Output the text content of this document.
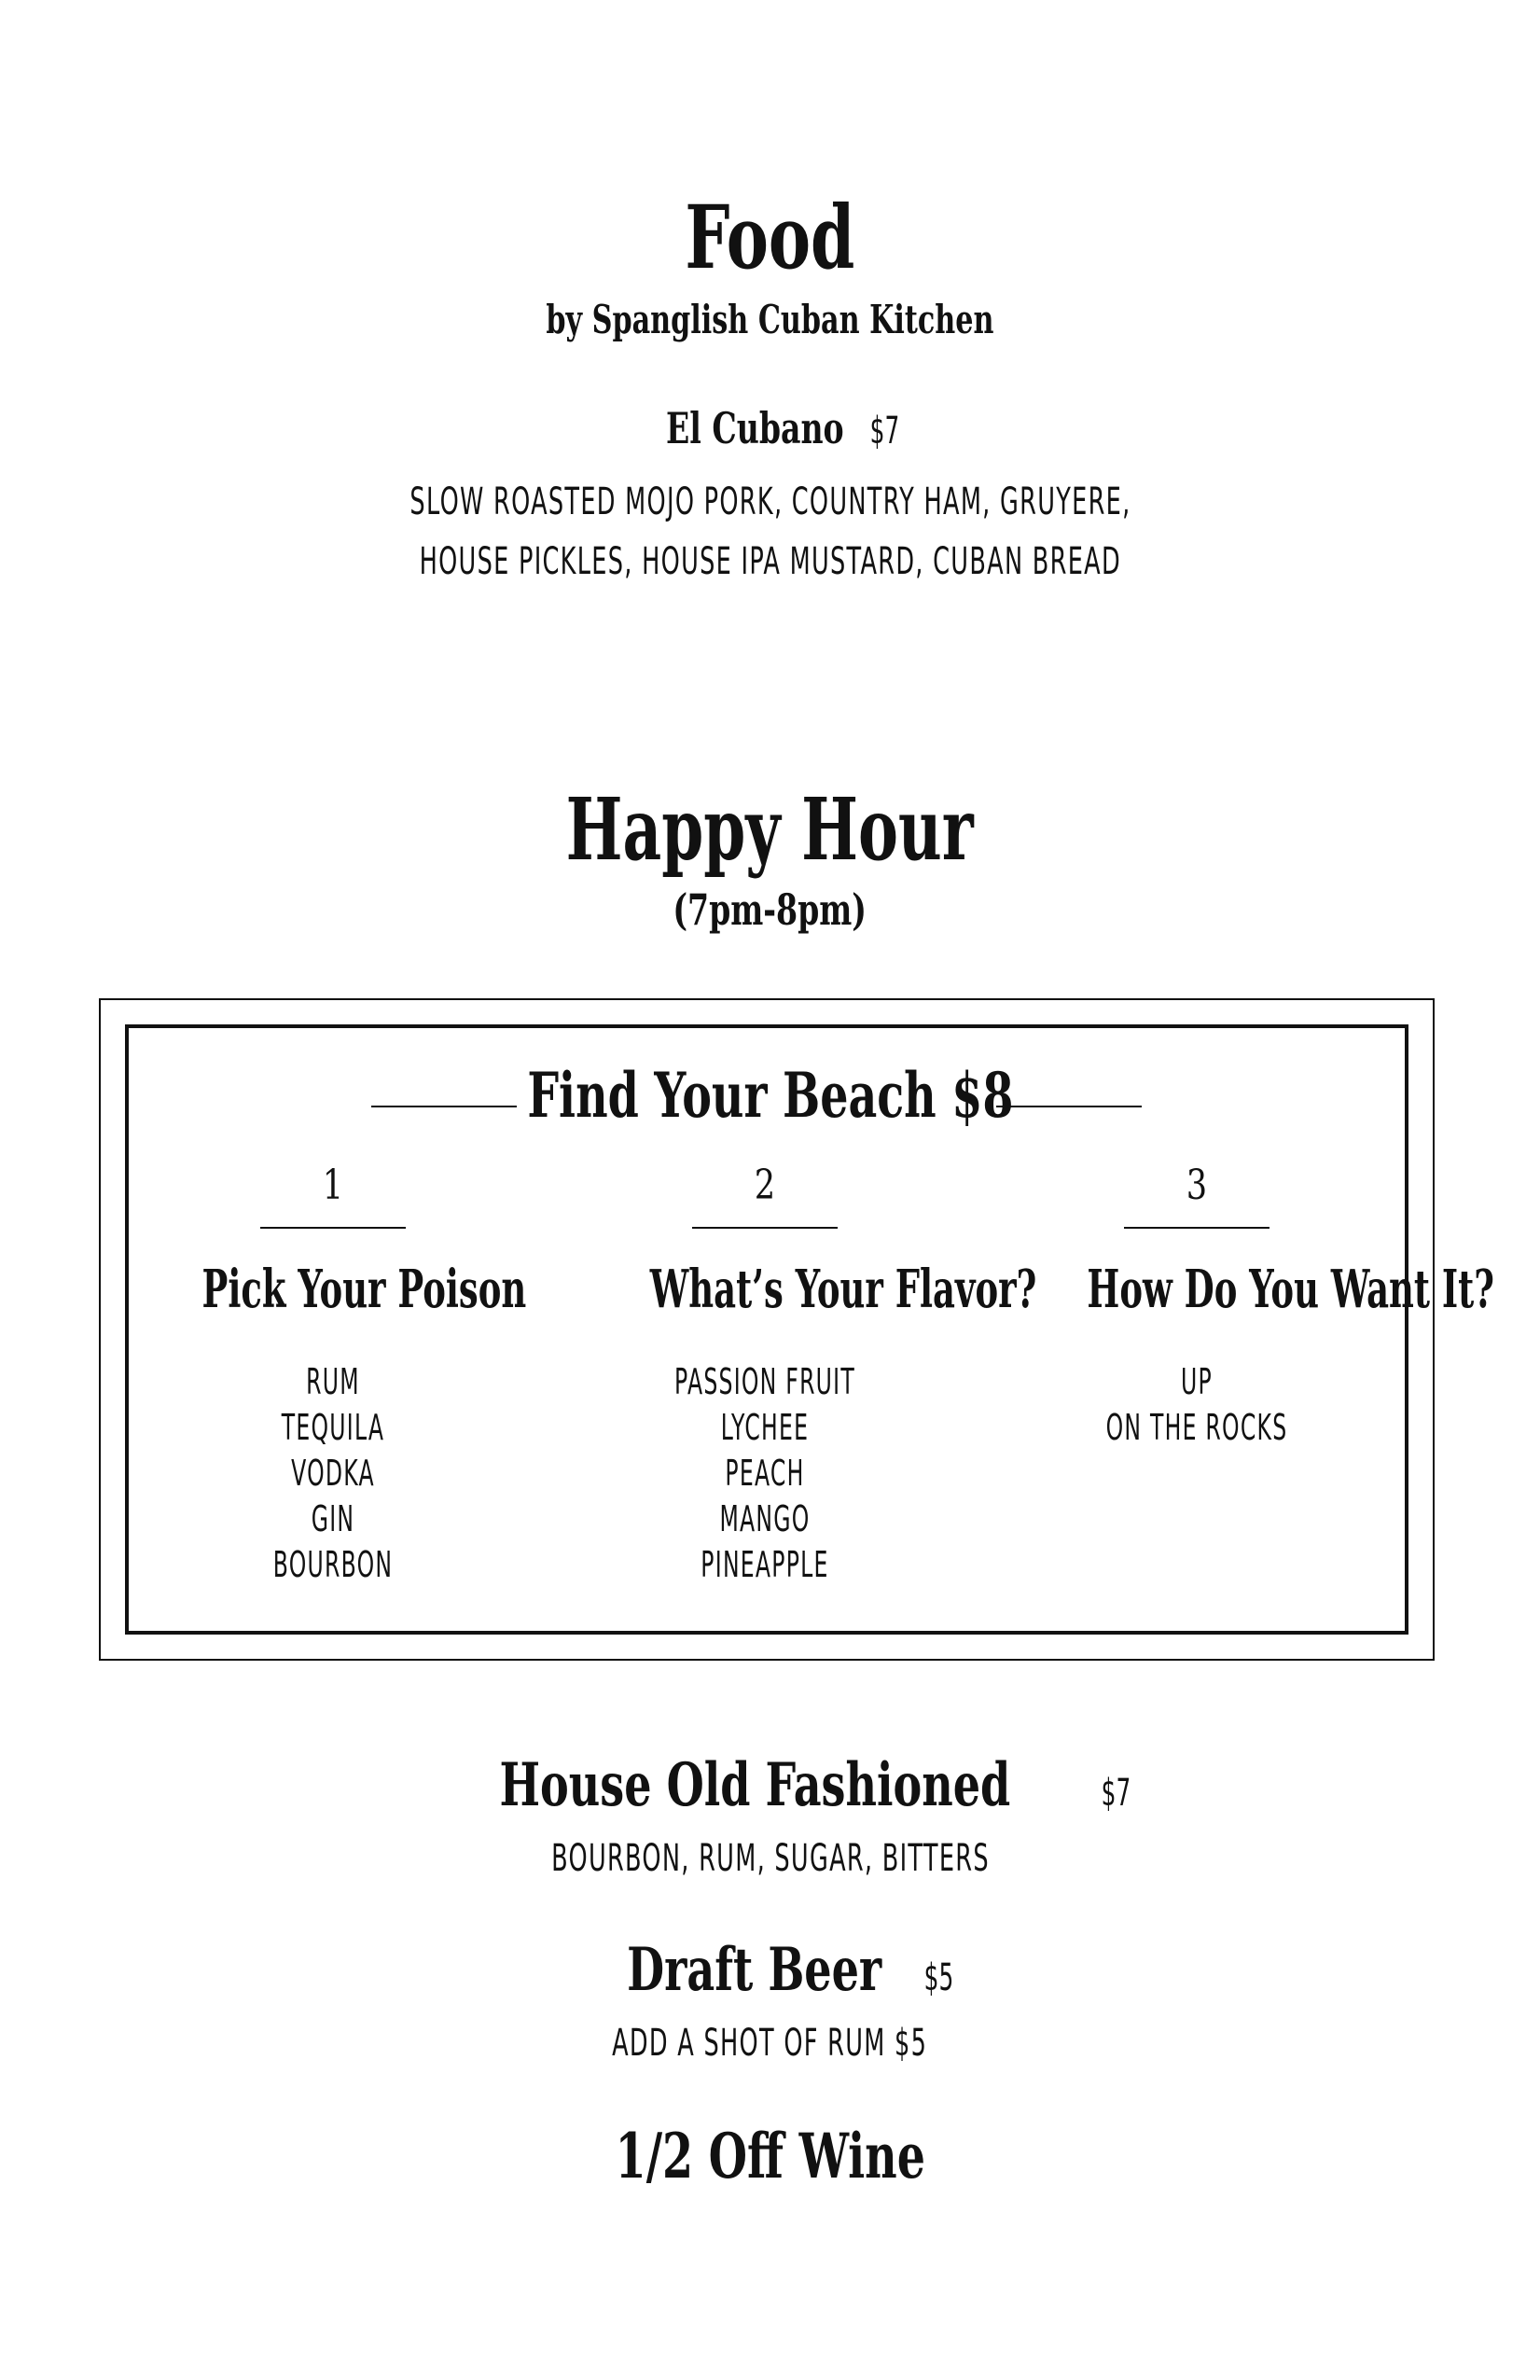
Food
by Spanglish Cuban Kitchen
El Cubano $7
SLOW ROASTED MOJO PORK, COUNTRY HAM, GRUYERE,
HOUSE PICKLES, HOUSE IPA MUSTARD, CUBAN BREAD
Happy Hour
(7pm-8pm)
Find Your Beach $8
1
Pick Your Poison
RUM
TEQUILA
VODKA
GIN
BOURBON
2
What’s Your Flavor?
PASSION FRUIT
LYCHEE
PEACH
MANGO
PINEAPPLE
3
How Do You Want It?
UP
ON THE ROCKS
House Old Fashioned $7
BOURBON, RUM, SUGAR, BITTERS
Draft Beer $5
ADD A SHOT OF RUM $5
1/2 Off Wine
